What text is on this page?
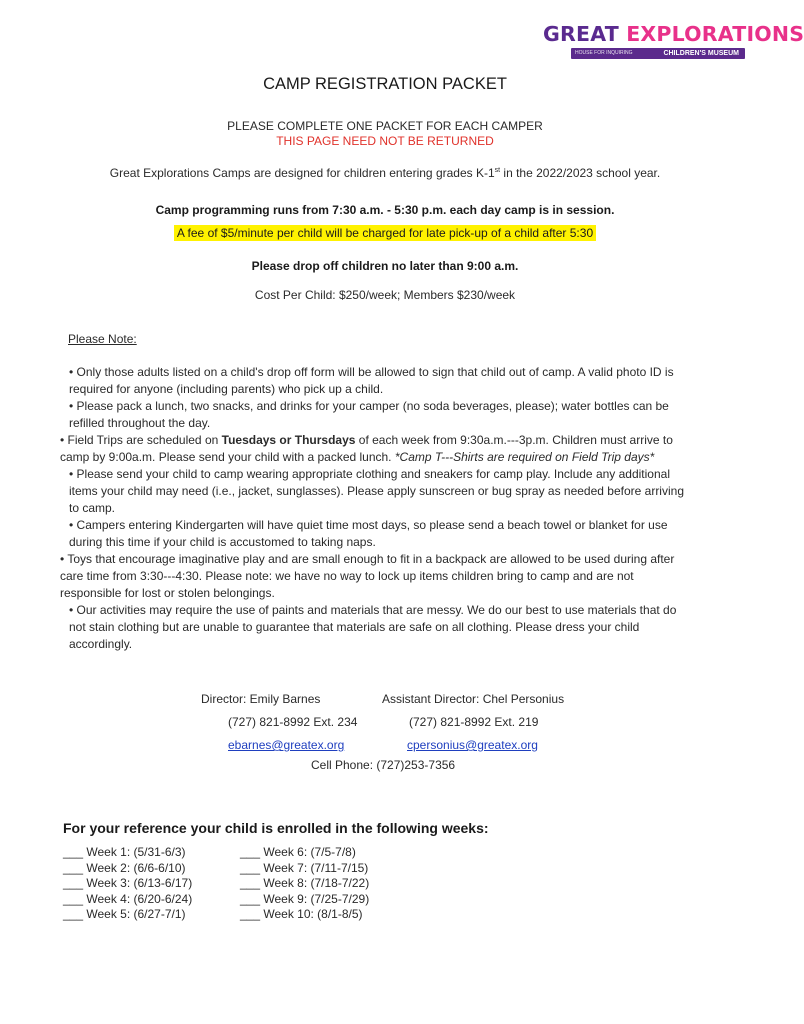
GREAT EXPLORATIONS
HOUSE FOR INQUIRING	CHILDREN'S MUSEUM
CAMP REGISTRATION PACKET
PLEASE COMPLETE ONE PACKET FOR EACH CAMPER
THIS PAGE NEED NOT BE RETURNED
Great Explorations Camps are designed for children entering grades K-1st in the 2022/2023 school year.
Camp programming runs from 7:30 a.m. - 5:30 p.m. each day camp is in session.
A fee of $5/minute per child will be charged for late pick-up of a child after 5:30
Please drop off children no later than 9:00 a.m.
Cost Per Child: $250/week; Members $230/week
Please Note:

• Only those adults listed on a child's drop off form will be allowed to sign that child out of camp. A valid photo ID is required for anyone (including parents) who pick up a child.

• Please pack a lunch, two snacks, and drinks for your camper (no soda beverages, please); water bottles can be refilled throughout the day.

• Field Trips are scheduled on Tuesdays or Thursdays of each week from 9:30a.m.---3p.m. Children must arrive to camp by 9:00a.m. Please send your child with a packed lunch. *Camp T---Shirts are required on Field Trip days*

• Please send your child to camp wearing appropriate clothing and sneakers for camp play. Include any additional items your child may need (i.e., jacket, sunglasses). Please apply sunscreen or bug spray as needed before arriving to camp.

• Campers entering Kindergarten will have quiet time most days, so please send a beach towel or blanket for use during this time if your child is accustomed to taking naps.

• Toys that encourage imaginative play and are small enough to fit in a backpack are allowed to be used during after care time from 3:30---4:30. Please note: we have no way to lock up items children bring to camp and are not responsible for lost or stolen belongings.

• Our activities may require the use of paints and materials that are messy. We do our best to use materials that do not stain clothing but are unable to guarantee that materials are safe on all clothing. Please dress your child accordingly.

Director: Emily Barnes
(727) 821-8992 Ext. 234
ebarnes@greatex.org
Assistant Director: Chel Personius
(727) 821-8992 Ext. 219
cpersonius@greatex.org
Cell Phone: (727)253-7356
For your reference your child is enrolled in the following weeks:
___ Week 1: (5/31-6/3)
___ Week 2: (6/6-6/10)
___ Week 3: (6/13-6/17)
___ Week 4: (6/20-6/24)
___ Week 5: (6/27-7/1)
___ Week 6: (7/5-7/8)
___ Week 7: (7/11-7/15)
___ Week 8: (7/18-7/22)
___ Week 9: (7/25-7/29)
___ Week 10: (8/1-8/5)
